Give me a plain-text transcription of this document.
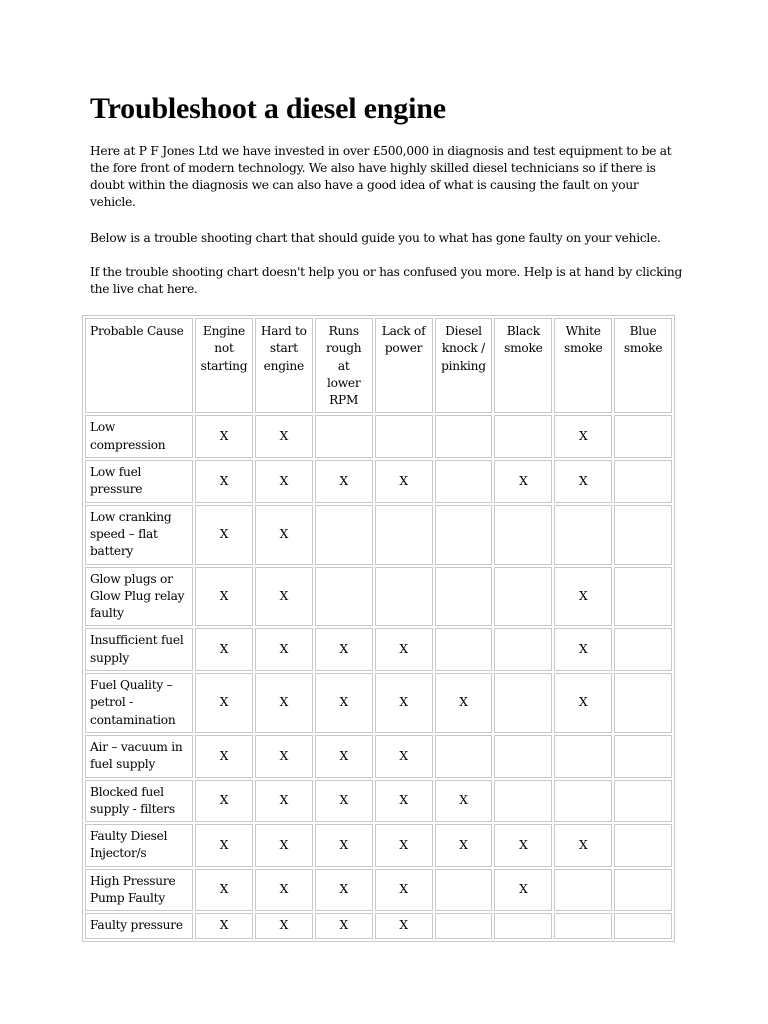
Troubleshoot a diesel engine
Here at P F Jones Ltd we have invested in over £500,000 in diagnosis and test equipment to be at
the fore front of modern technology. We also have highly skilled diesel technicians so if there is
doubt within the diagnosis we can also have a good idea of what is causing the fault on your
vehicle.
Below is a trouble shooting chart that should guide you to what has gone faulty on your vehicle.
If the trouble shooting chart doesn't help you or has confused you more. Help is at hand by clicking
the live chat here.
Probable Cause	Engine
not
starting	Hard to
start
engine	Runs
rough at
lower
RPM	Lack of
power	Diesel
knock /
pinking	Black
smoke	White
smoke	Blue
smoke
Low compression	X	X					X	
Low fuel pressure	X	X	X	X		X	X	
Low cranking
speed – flat
battery	X	X						
Glow plugs or
Glow Plug relay
faulty	X	X					X	
Insufficient fuel
supply	X	X	X	X			X	
Fuel Quality –
petrol -
contamination	X	X	X	X	X		X	
Air – vacuum in
fuel supply	X	X	X	X				
Blocked fuel
supply - filters	X	X	X	X	X			
Faulty Diesel
Injector/s	X	X	X	X	X	X	X	
High Pressure
Pump Faulty	X	X	X	X		X		
Faulty pressure	X	X	X	X				
